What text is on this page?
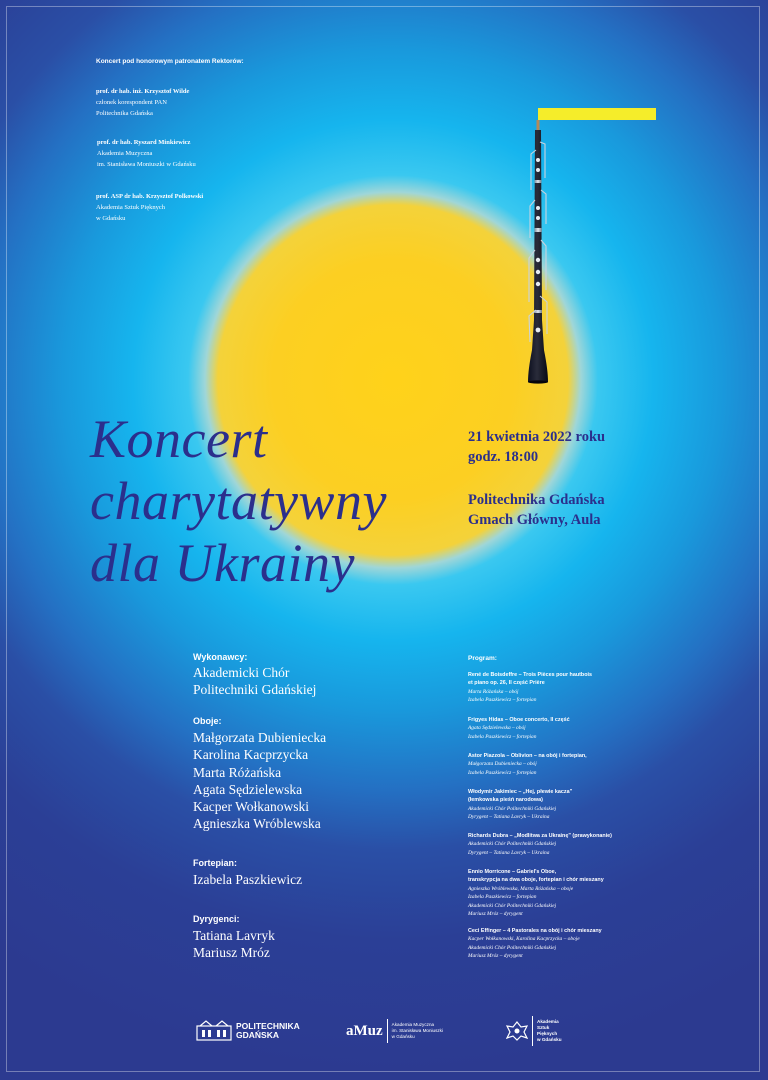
Koncert pod honorowym patronatem Rektorów:
prof. dr hab. inż. Krzysztof Wilde
członek korespondent PAN
Politechnika Gdańska
prof. dr hab. Ryszard Minkiewicz
Akademia Muzyczna
im. Stanisława Moniuszki w Gdańsku
prof. ASP dr hab. Krzysztof Polkowski
Akademia Sztuk Pięknych
w Gdańsku
Koncert
charytatywny
dla Ukrainy
21 kwietnia 2022 roku
godz. 18:00
Politechnika Gdańska
Gmach Główny, Aula
Wykonawcy:
Akademicki Chór
Politechniki Gdańskiej
Oboje:
Małgorzata Dubieniecka
Karolina Kacprzycka
Marta Różańska
Agata Sędzielewska
Kacper Wołkanowski
Agnieszka Wróblewska
Fortepian:
Izabela Paszkiewicz
Dyrygenci:
Tatiana Lavryk
Mariusz Mróz
Program:
René de Boisdeffre – Trois Pièces pour hautbois
et piano op. 26, II część Prière
Marta Różańska – obój
Izabela Paszkiewicz – fortepian
Frigyes Hidas – Oboe concerto, II część
Agata Sędzielewska – obój
Izabela Paszkiewicz – fortepian
Astor Piazzola – Oblivion – na obój i fortepian,
Małgorzata Dubieniecka – obój
Izabela Paszkiewicz – fortepian
Włodymir Jakimiec – „Hej, płewie kacza"
(łemkowska pieśń narodowa)
Akademicki Chór Politechniki Gdańskiej
Dyrygent – Tatiana Lavryk – Ukraina
Richards Dubra – „Modlitwa za Ukrainę" (prawykonanie)
Akademicki Chór Politechniki Gdańskiej
Dyrygent – Tatiana Lavryk – Ukraina
Ennio Morricone – Gabriel's Oboe,
transkrypcja na dwa oboje, fortepian i chór mieszany
Agnieszka Wróblewska, Marta Różańska – oboje
Izabela Paszkiewicz – fortepian
Akademicki Chór Politechniki Gdańskiej
Mariusz Mróz – dyrygent
Ceci Effinger – 4 Pastorales na obój i chór mieszany
Kacper Wołkanowski, Karolina Kacprzycka – oboje
Akademicki Chór Politechniki Gdańskiej
Mariusz Mróz – dyrygent
POLITECHNIKA
GDAŃSKA	aMuz Akademia Muzyczna
im. Stanisława Moniuszki
w Gdańsku
Akademia
Sztuk
Pięknych
w Gdańsku
